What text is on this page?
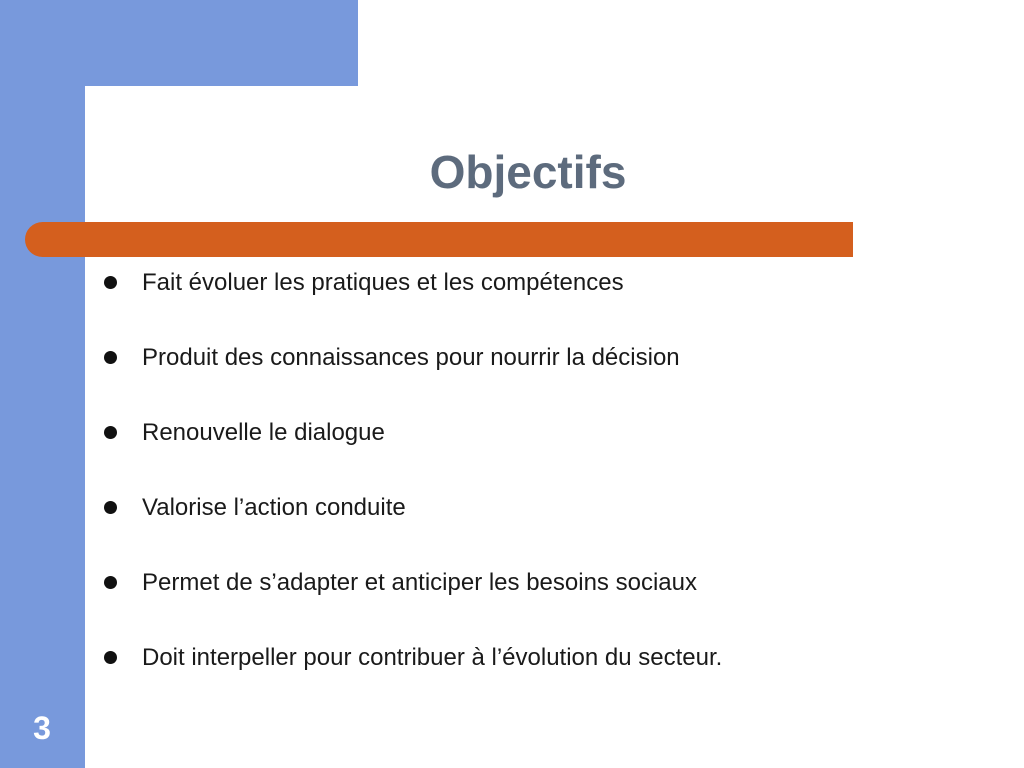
Objectifs
Fait évoluer les pratiques et les compétences
Produit des connaissances pour nourrir la décision
Renouvelle le dialogue
Valorise l’action conduite
Permet de s’adapter et anticiper les besoins sociaux
Doit interpeller pour contribuer à l’évolution du secteur.
3
